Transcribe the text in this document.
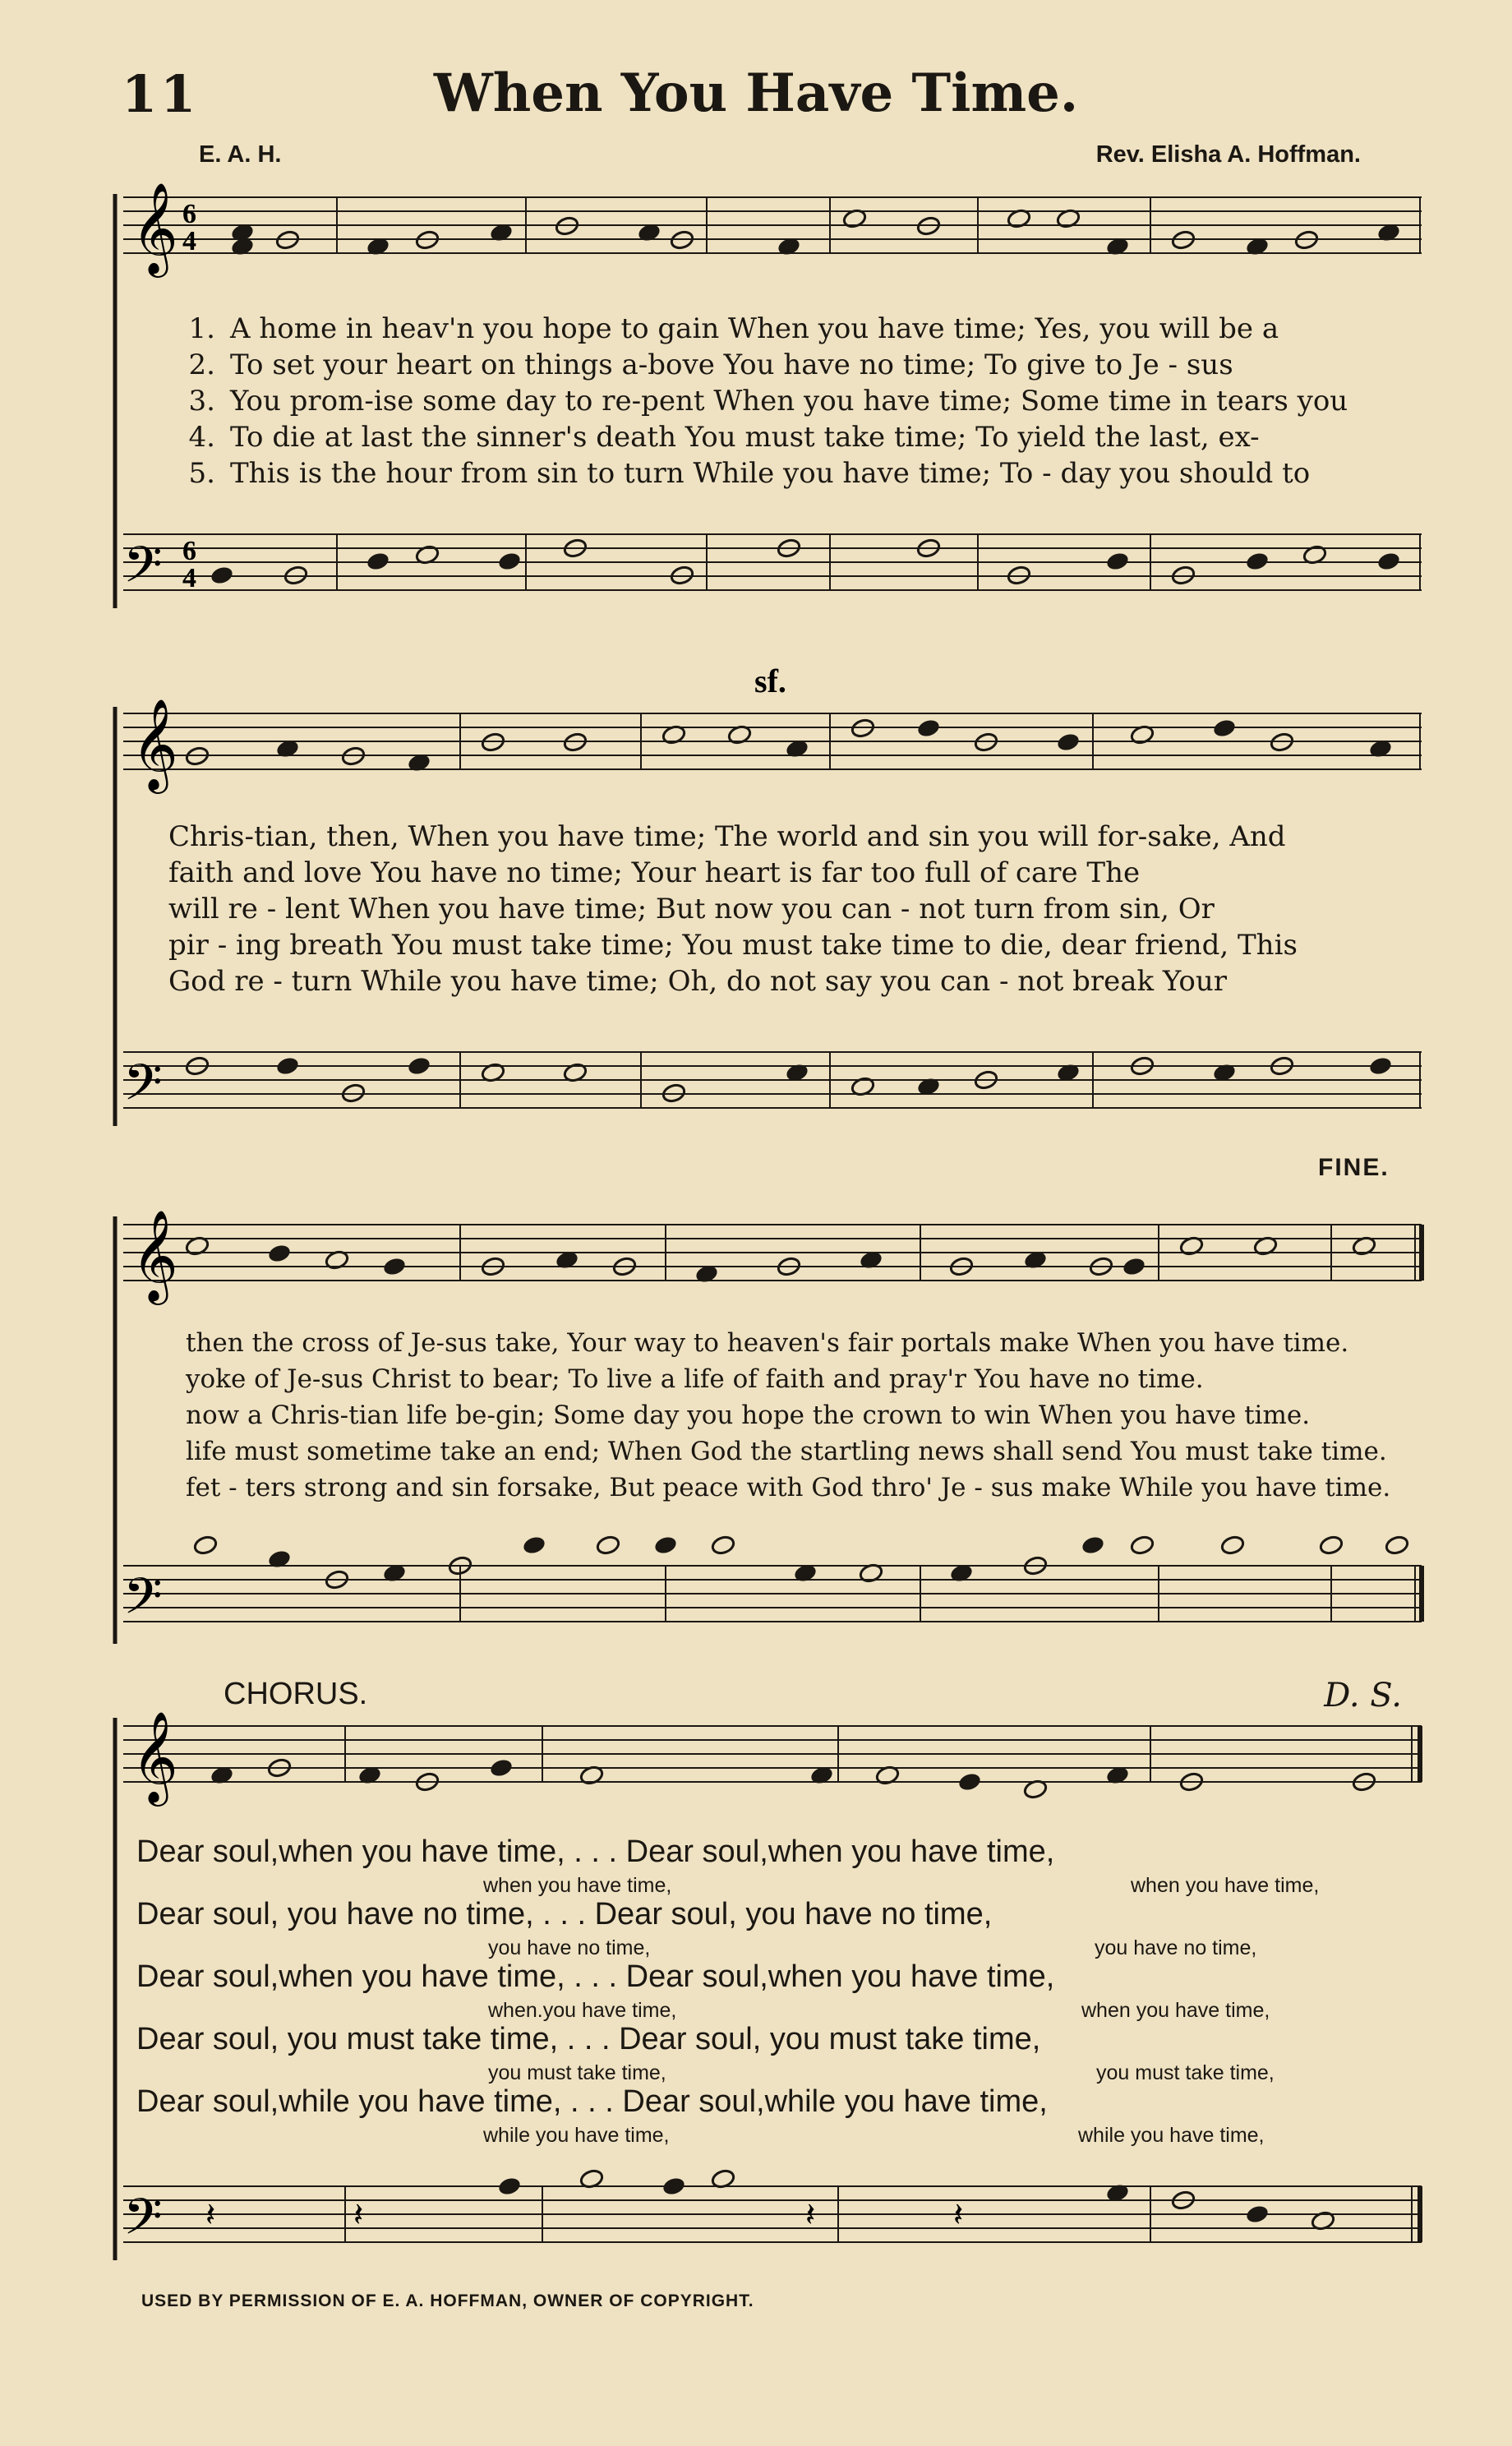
11	When You Have Time.
E. A. H.	Rev. Elisha A. Hoffman.
𝄞
𝄢
6
4
6
4
𝄞
𝄢
sf.
𝄞
𝄢
𝄞
𝄢 𝄽	𝄽	𝄽	𝄽
1. A home in heav'n you hope to gain When you have time; Yes, you will be a
2. To set your heart on things a-bove You have no time; To give to Je - sus
3. You prom-ise some day to re-pent When you have time; Some time in tears you
4. To die at last the sinner's death You must take time; To yield the last, ex-
5. This is the hour from sin to turn While you have time; To - day you should to
Chris-tian, then, When you have time; The world and sin you will for-sake, And
faith and love You have no time; Your heart is far too full of care The
will re - lent When you have time; But now you can - not turn from sin, Or
pir - ing breath You must take time; You must take time to die, dear friend, This
God re - turn While you have time; Oh, do not say you can - not break Your
FINE.
then the cross of Je-sus take, Your way to heaven's fair portals make When you have time.
yoke of Je-sus Christ to bear; To live a life of faith and pray'r You have no time.
now a Chris-tian life be-gin; Some day you hope the crown to win When you have time.
life must sometime take an end; When God the startling news shall send You must take time.
fet - ters strong and sin forsake, But peace with God thro' Je - sus make While you have time.
CHORUS.	D. S.
Dear soul,when you have time, . . . Dear soul,when you have time,
when you have time,	when you have time,
Dear soul, you have no time, . . . Dear soul, you have no time,
you have no time,	you have no time,
Dear soul,when you have time, . . . Dear soul,when you have time,
when.you have time,	when you have time,
Dear soul, you must take time, . . . Dear soul, you must take time,
you must take time,	you must take time,
Dear soul,while you have time, . . . Dear soul,while you have time,
while you have time,	while you have time,
USED BY PERMISSION OF E. A. HOFFMAN, OWNER OF COPYRIGHT.
